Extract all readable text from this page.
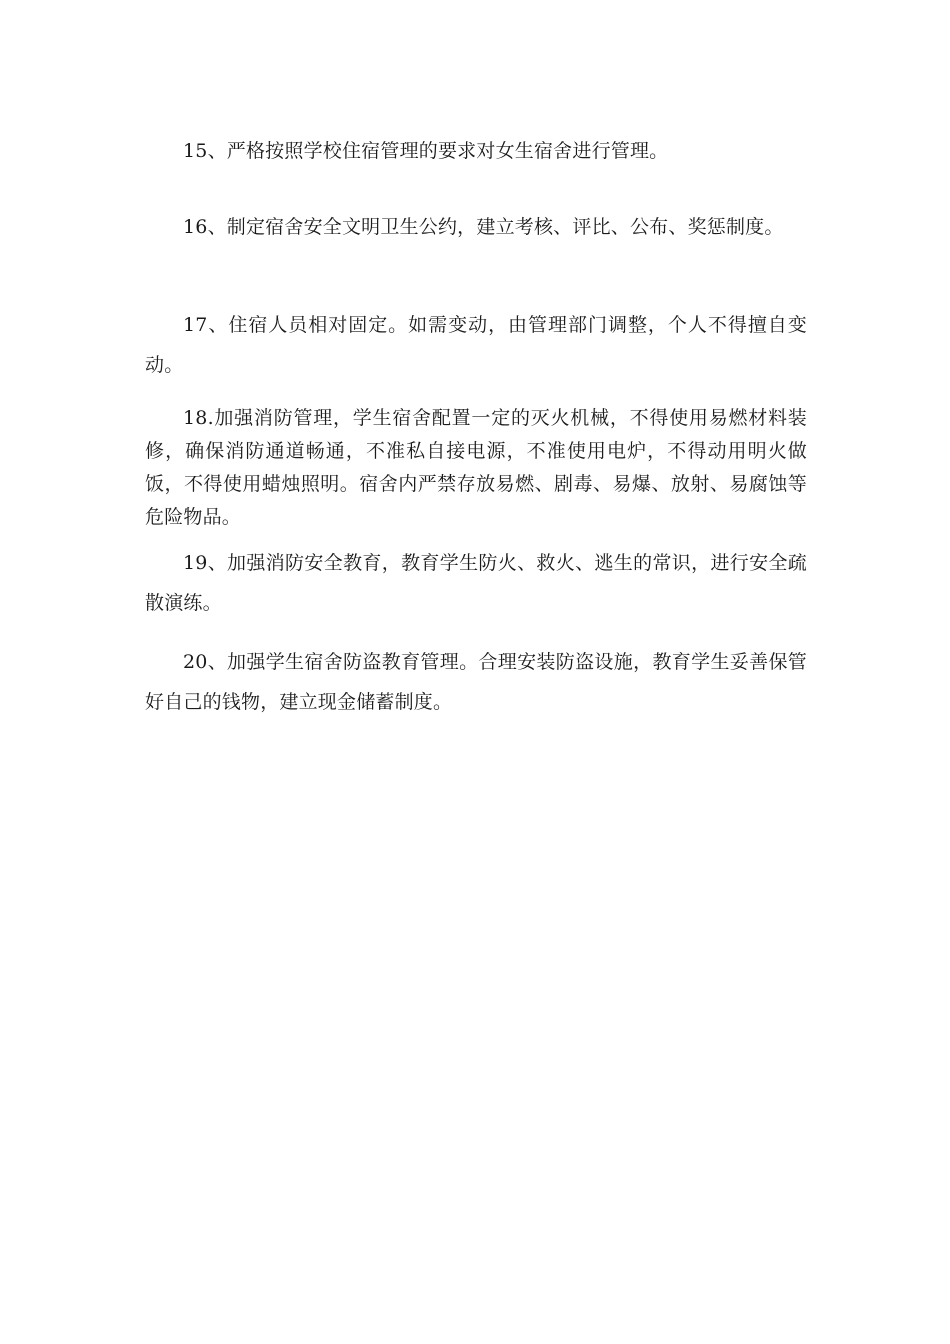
15、严格按照学校住宿管理的要求对女生宿舍进行管理。

16、制定宿舍安全文明卫生公约，建立考核、评比、公布、奖惩制度。

17、住宿人员相对固定。如需变动，由管理部门调整，个人不得擅自变动。

18.加强消防管理，学生宿舍配置一定的灭火机械，不得使用易燃材料装修，确保消防通道畅通，不准私自接电源，不准使用电炉，不得动用明火做饭，不得使用蜡烛照明。宿舍内严禁存放易燃、剧毒、易爆、放射、易腐蚀等危险物品。

19、加强消防安全教育，教育学生防火、救火、逃生的常识，进行安全疏散演练。

20、加强学生宿舍防盗教育管理。合理安装防盗设施，教育学生妥善保管好自己的钱物，建立现金储蓄制度。
